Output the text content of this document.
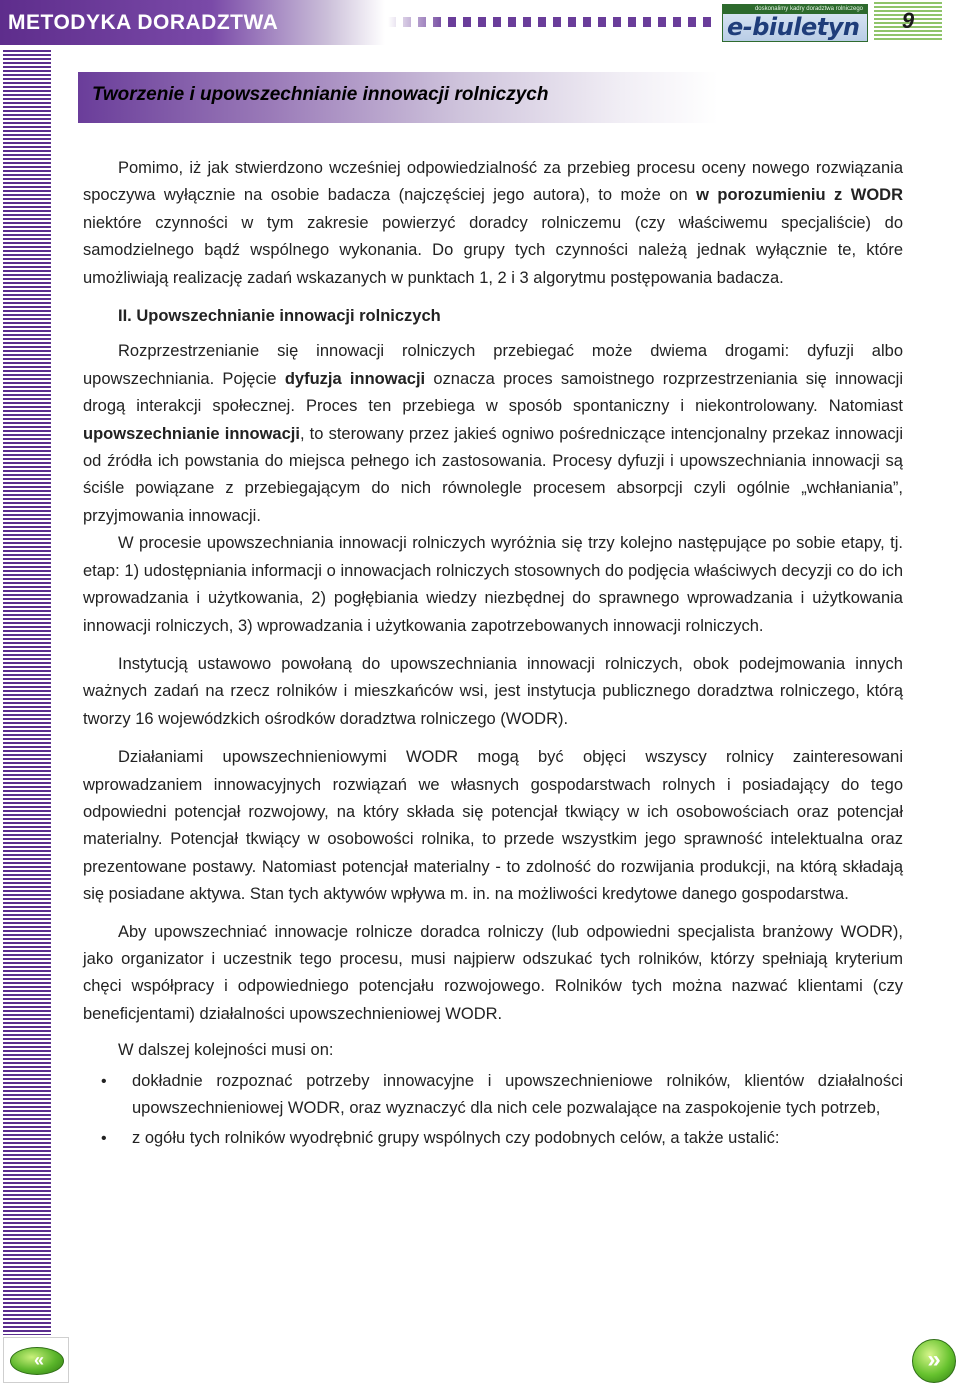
METODYKA DORADZTWA
doskonalimy kadry doradztwa rolniczego
e-biuletyn	9
Tworzenie i upowszechnianie innowacji rolniczych

Pomimo, iż jak stwierdzono wcześniej odpowiedzialność za przebieg procesu oceny nowego rozwiązania spoczywa wyłącznie na osobie badacza (najczęściej jego autora), to może on w porozumieniu z WODR niektóre czynności w tym zakresie powierzyć doradcy rolniczemu (czy właściwemu specjaliście) do samodzielnego bądź wspólnego wykonania. Do grupy tych czynności należą jednak wyłącznie te, które umożliwiają realizację zadań wskazanych w punktach 1, 2 i 3 algorytmu postępowania badacza.

II. Upowszechnianie innowacji rolniczych

Rozprzestrzenianie się innowacji rolniczych przebiegać może dwiema drogami: dyfuzji albo upowszechniania. Pojęcie dyfuzja innowacji oznacza proces samoistnego rozprzestrzeniania się innowacji drogą interakcji społecznej. Proces ten przebiega w sposób spontaniczny i niekontrolowany. Natomiast upowszechnianie innowacji, to sterowany przez jakieś ogniwo pośredniczące intencjonalny przekaz innowacji od źródła ich powstania do miejsca pełnego ich zastosowania. Procesy dyfuzji i upowszechniania innowacji są ściśle powiązane z przebiegającym do nich równolegle procesem absorpcji czyli ogólnie „wchłaniania”, przyjmowania innowacji.

W procesie upowszechniania innowacji rolniczych wyróżnia się trzy kolejno następujące po sobie etapy, tj. etap: 1) udostępniania informacji o innowacjach rolniczych stosownych do podjęcia właściwych decyzji co do ich wprowadzania i użytkowania, 2) pogłębiania wiedzy niezbędnej do sprawnego wprowadzania i użytkowania innowacji rolniczych, 3) wprowadzania i użytkowania zapotrzebowanych innowacji rolniczych.

Instytucją ustawowo powołaną do upowszechniania innowacji rolniczych, obok podejmowania innych ważnych zadań na rzecz rolników i mieszkańców wsi, jest instytucja publicznego doradztwa rolniczego, którą tworzy 16 wojewódzkich ośrodków doradztwa rolniczego (WODR).

Działaniami upowszechnieniowymi WODR mogą być objęci wszyscy rolnicy zainteresowani wprowadzaniem innowacyjnych rozwiązań we własnych gospodarstwach rolnych i posiadający do tego odpowiedni potencjał rozwojowy, na który składa się potencjał tkwiący w ich osobowościach oraz potencjał materialny. Potencjał tkwiący w osobowości rolnika, to przede wszystkim jego sprawność intelektualna oraz prezentowane postawy. Natomiast potencjał materialny - to zdolność do rozwijania produkcji, na którą składają się posiadane aktywa. Stan tych aktywów wpływa m. in. na możliwości kredytowe danego gospodarstwa.

Aby upowszechniać innowacje rolnicze doradca rolniczy (lub odpowiedni specjalista branżowy WODR), jako organizator i uczestnik tego procesu, musi najpierw odszukać tych rolników, którzy spełniają kryterium chęci współpracy i odpowiedniego potencjału rozwojowego. Rolników tych można nazwać klientami (czy beneficjentami) działalności upowszechnieniowej WODR.

W dalszej kolejności musi on:

• dokładnie rozpoznać potrzeby innowacyjne i upowszechnieniowe rolników, klientów działalności upowszechnieniowej WODR, oraz wyznaczyć dla nich cele pozwalające na zaspokojenie tych potrzeb,
• z ogółu tych rolników wyodrębnić grupy wspólnych czy podobnych celów, a także ustalić:
«	»
